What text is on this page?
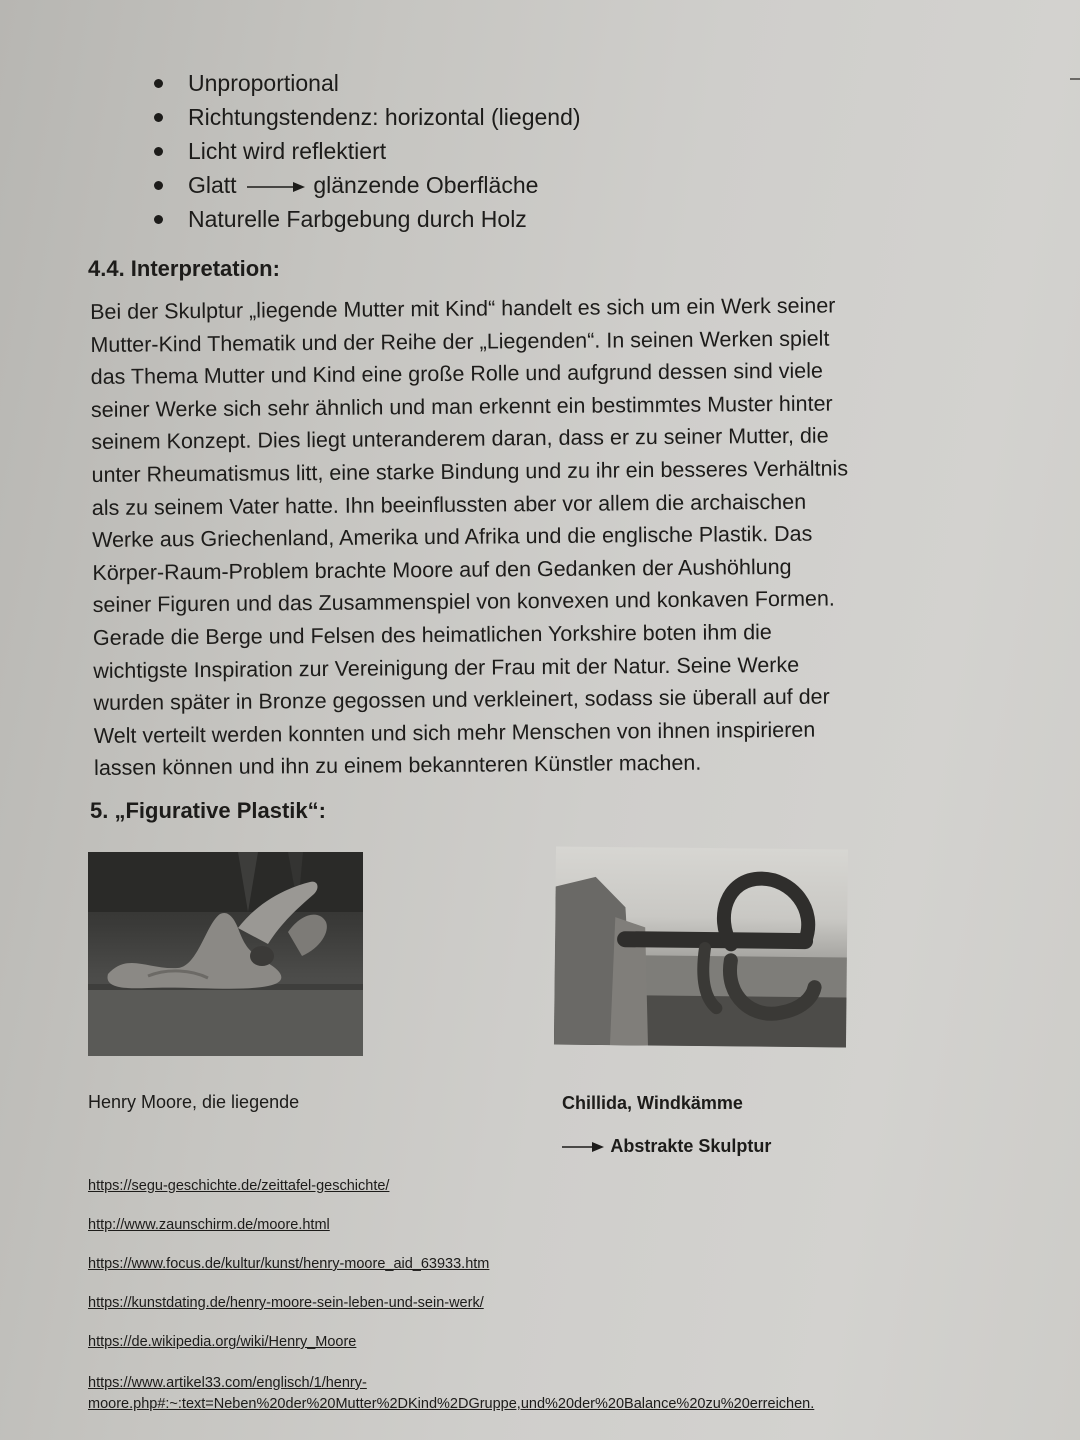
Unproportional
Richtungstendenz: horizontal (liegend)
Licht wird reflektiert
Glatt	glänzende Oberfläche
Naturelle Farbgebung durch Holz
4.4. Interpretation:
Bei der Skulptur „liegende Mutter mit Kind“ handelt es sich um ein Werk seiner
Mutter-Kind Thematik und der Reihe der „Liegenden“. In seinen Werken spielt
das Thema Mutter und Kind eine große Rolle und aufgrund dessen sind viele
seiner Werke sich sehr ähnlich und man erkennt ein bestimmtes Muster hinter
seinem Konzept. Dies liegt unteranderem daran, dass er zu seiner Mutter, die
unter Rheumatismus litt, eine starke Bindung und zu ihr ein besseres Verhältnis
als zu seinem Vater hatte. Ihn beeinflussten aber vor allem die archaischen
Werke aus Griechenland, Amerika und Afrika und die englische Plastik. Das
Körper-Raum-Problem brachte Moore auf den Gedanken der Aushöhlung
seiner Figuren und das Zusammenspiel von konvexen und konkaven Formen.
Gerade die Berge und Felsen des heimatlichen Yorkshire boten ihm die
wichtigste Inspiration zur Vereinigung der Frau mit der Natur. Seine Werke
wurden später in Bronze gegossen und verkleinert, sodass sie überall auf der
Welt verteilt werden konnten und sich mehr Menschen von ihnen inspirieren
lassen können und ihn zu einem bekannteren Künstler machen.
5. „Figurative Plastik“:
Henry Moore, die liegende	Chillida, Windkämme
Abstrakte Skulptur
https://segu-geschichte.de/zeittafel-geschichte/
http://www.zaunschirm.de/moore.html
https://www.focus.de/kultur/kunst/henry-moore_aid_63933.htm
https://kunstdating.de/henry-moore-sein-leben-und-sein-werk/
https://de.wikipedia.org/wiki/Henry_Moore
https://www.artikel33.com/englisch/1/henry-moore.php#:~:text=Neben%20der%20Mutter%2DKind%2DGruppe,und%20der%20Balance%20zu%20erreichen.
